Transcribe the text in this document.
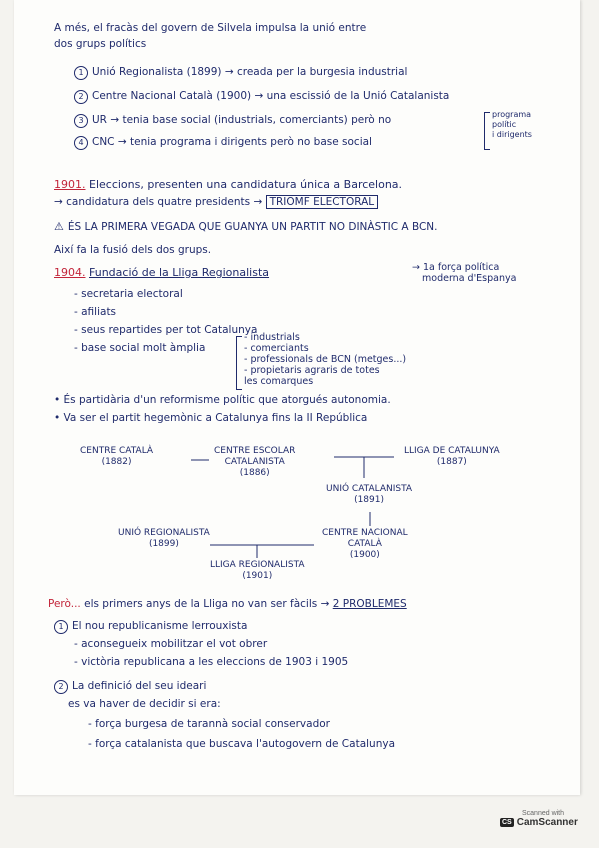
A més, el fracàs del govern de Silvela impulsa la unió entre
dos grups polítics
1 Unió Regionalista (1899) → creada per la burgesia industrial
2 Centre Nacional Català (1900) → una escissió de la Unió Catalanista
3 UR → tenia base social (industrials, comerciants) però no
4 CNC → tenia programa i dirigents però no base social
programa
polític
i dirigents
1901. Eleccions, presenten una candidatura única a Barcelona.
→ candidatura dels quatre presidents → TRIOMF ELECTORAL
⚠ ÉS LA PRIMERA VEGADA QUE GUANYA UN PARTIT NO DINÀSTIC A BCN.
Així fa la fusió dels dos grups.
1904. Fundació de la Lliga Regionalista	→ 1a força política
moderna d'Espanya
- secretaria electoral
- afiliats
- seus repartides per tot Catalunya
- base social molt àmplia
- industrials
- comerciants
- professionals de BCN (metges...)
- propietaris agraris de totes
les comarques
• És partidària d'un reformisme polític que atorgués autonomia.
• Va ser el partit hegemònic a Catalunya fins la II República
CENTRE CATALÀ
(1882)
CENTRE ESCOLAR
CATALANISTA
(1886)
LLIGA DE CATALUNYA
(1887)
UNIÓ CATALANISTA
(1891)
UNIÓ REGIONALISTA
(1899)
CENTRE NACIONAL
CATALÀ
(1900)
LLIGA REGIONALISTA
(1901)
Però... els primers anys de la Lliga no van ser fàcils → 2 PROBLEMES
1 El nou republicanisme lerrouxista
- aconsegueix mobilitzar el vot obrer
- victòria republicana a les eleccions de 1903 i 1905
2 La definició del seu ideari
es va haver de decidir si era:
- força burgesa de tarannà social conservador
- força catalanista que buscava l'autogovern de Catalunya
Scanned with
CS CamScanner
